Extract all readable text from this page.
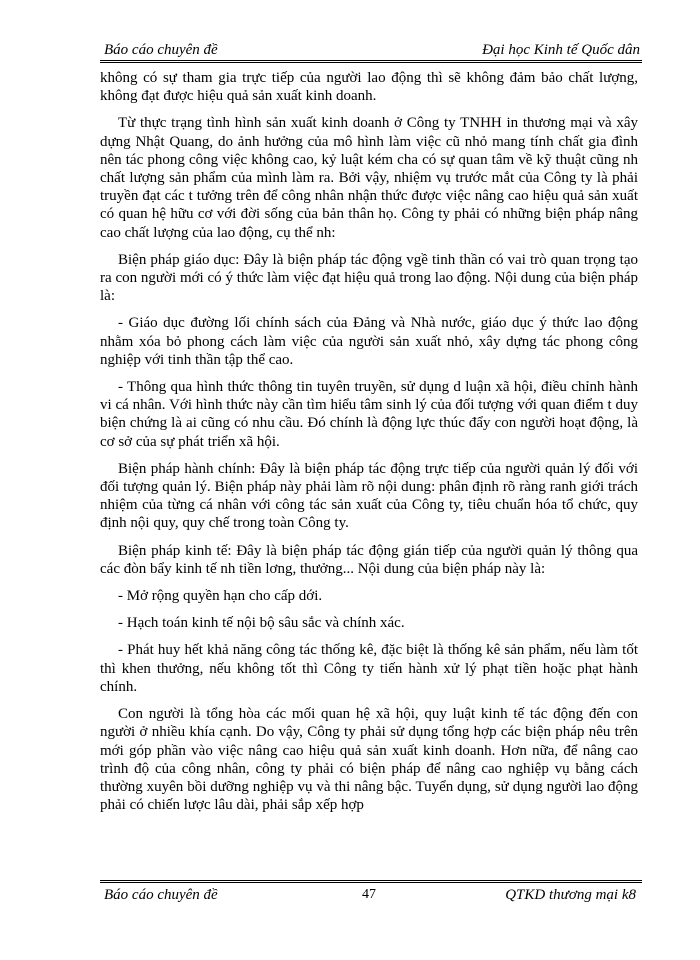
Báo cáo chuyên đề	Đại học Kinh tế Quốc dân

không có sự tham gia trực tiếp của người lao động thì sẽ không đảm bảo chất lượng, không đạt được hiệu quả sản xuất kinh doanh.

Từ thực trạng tình hình sản xuất kinh doanh ở Công ty TNHH in thương mại và xây dựng Nhật Quang, do ảnh hưởng của mô hình làm việc cũ nhỏ mang tính chất gia đình nên tác phong công việc không cao, kỷ luật kém cha có sự quan tâm về kỹ thuật cũng nh chất lượng sản phẩm của mình làm ra. Bởi vậy, nhiệm vụ trước mắt của Công ty là phải truyền đạt các t tưởng trên để công nhân nhận thức được việc nâng cao hiệu quả sản xuất có quan hệ hữu cơ với đời sống của bản thân họ. Công ty phải có những biện pháp nâng cao chất lượng của lao động, cụ thể nh:

Biện pháp giáo dục: Đây là biện pháp tác động vgề tinh thần có vai trò quan trọng tạo ra con người mới có ý thức làm việc đạt hiệu quả trong lao động. Nội dung của biện pháp là:

- Giáo dục đường lối chính sách của Đảng và Nhà nước, giáo dục ý thức lao động nhằm xóa bỏ phong cách làm việc của người sản xuất nhỏ, xây dựng tác phong công nghiệp với tinh thần tập thể cao.

- Thông qua hình thức thông tin tuyên truyền, sử dụng d luận xã hội, điều chỉnh hành vi cá nhân. Với hình thức này cần tìm hiểu tâm sinh lý của đối tượng với quan điểm t duy biện chứng là ai cũng có nhu cầu. Đó chính là động lực thúc đẩy con người hoạt động, là cơ sở của sự phát triển xã hội.

Biện pháp hành chính: Đây là biện pháp tác động trực tiếp của người quản lý đối với đối tượng quản lý. Biện pháp này phải làm rõ nội dung: phân định rõ ràng ranh giới trách nhiệm của từng cá nhân với công tác sản xuất của Công ty, tiêu chuẩn hóa tổ chức, quy định nội quy, quy chế trong toàn Công ty.

Biện pháp kinh tế: Đây là biện pháp tác động gián tiếp của người quản lý thông qua các đòn bẩy kinh tế nh tiền lơng, thưởng... Nội dung của biện pháp này là:

- Mở rộng quyền hạn cho cấp dới.

- Hạch toán kinh tế nội bộ sâu sắc và chính xác.

- Phát huy hết khả năng công tác thống kê, đặc biệt là thống kê sản phẩm, nếu làm tốt thì khen thưởng, nếu không tốt thì Công ty tiến hành xử lý phạt tiền hoặc phạt hành chính.

Con người là tổng hòa các mối quan hệ xã hội, quy luật kinh tế tác động đến con người ở nhiều khía cạnh. Do vậy, Công ty phải sử dụng tổng hợp các biện pháp nêu trên mới góp phần vào việc nâng cao hiệu quả sản xuất kinh doanh. Hơn nữa, để nâng cao trình độ của công nhân, công ty phải có biện pháp để nâng cao nghiệp vụ bằng cách thường xuyên bồi dưỡng nghiệp vụ và thi nâng bậc. Tuyển dụng, sử dụng người lao động phải có chiến lược lâu dài, phải sắp xếp hợp

Báo cáo chuyên đề	47	QTKD thương mại k8
